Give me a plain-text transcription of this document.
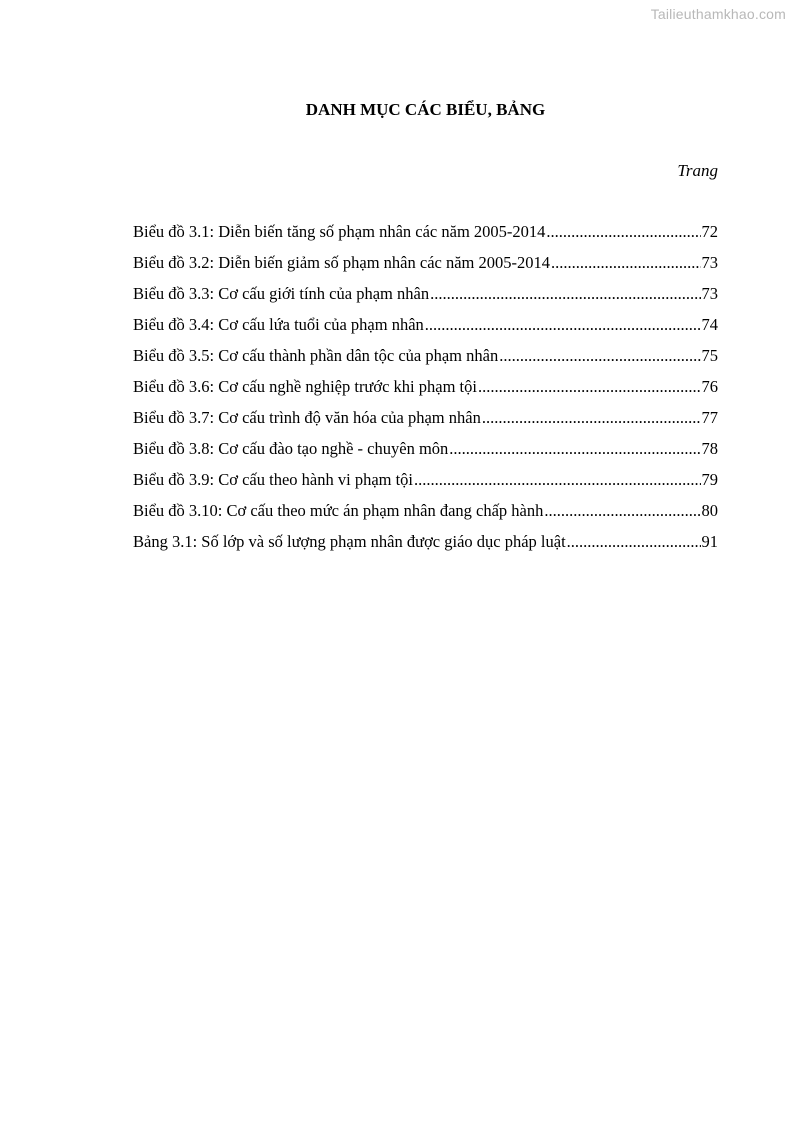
Tailieuthamkhao.com
DANH MỤC CÁC BIỂU, BẢNG
Trang
Biểu đồ 3.1: Diễn biến tăng số phạm nhân các năm 2005-2014 .....	72
Biểu đồ 3.2: Diễn biến giảm số phạm nhân các năm 2005-2014 .....	73
Biểu đồ 3.3: Cơ cấu giới tính của phạm nhân .....	73
Biểu đồ 3.4: Cơ cấu lứa tuổi của phạm nhân .....	74
Biểu đồ 3.5: Cơ cấu thành phần dân tộc của phạm nhân .....	75
Biểu đồ 3.6: Cơ cấu nghề nghiệp trước khi phạm tội .....	76
Biểu đồ 3.7: Cơ cấu trình độ văn hóa của phạm nhân .....	77
Biểu đồ 3.8: Cơ cấu đào tạo nghề - chuyên môn .....	78
Biểu đồ 3.9: Cơ cấu theo hành vi phạm tội .....	79
Biểu đồ 3.10: Cơ cấu theo mức án phạm nhân đang chấp hành .....	80
Bảng 3.1: Số lớp và số lượng phạm nhân được giáo dục pháp luật .....	91
